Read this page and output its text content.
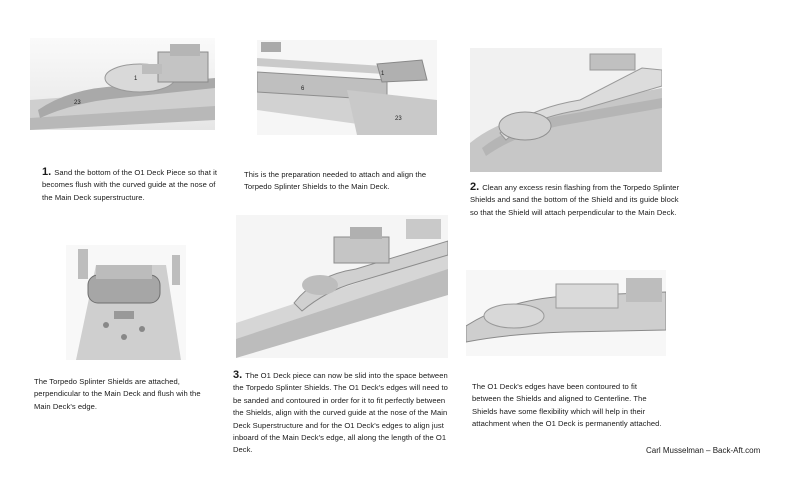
1
23
1
6
23
1. Sand the bottom of the O1 Deck Piece so that it becomes flush with the curved guide at the nose of the Main Deck superstructure.
This is the preparation needed to attach and align the Torpedo Splinter Shields to the Main Deck.	2. Clean any excess resin flashing from the Torpedo Splinter Shields and sand the bottom of the Shield and its guide block so that the Shield will attach perpendicular to the Main Deck.
The Torpedo Splinter Shields are attached, perpendicular to the Main Deck and flush wih the Main Deck's edge.
3. The O1 Deck piece can now be slid into the space between the Torpedo Splinter Shields. The O1 Deck's edges will need to be sanded and contoured in order for it to fit perfectly between the Shields, align with the curved guide at the nose of the Main Deck Superstructure and for the O1 Deck's edges to align just inboard of the Main Deck's edge, all along the length of the O1 Deck.
The O1 Deck's edges have been contoured to fit between the Shields and aligned to Centerline. The Shields have some flexibility which will help in their attachment when the O1 Deck is permanently attached.
Carl Musselman – Back-Aft.com
